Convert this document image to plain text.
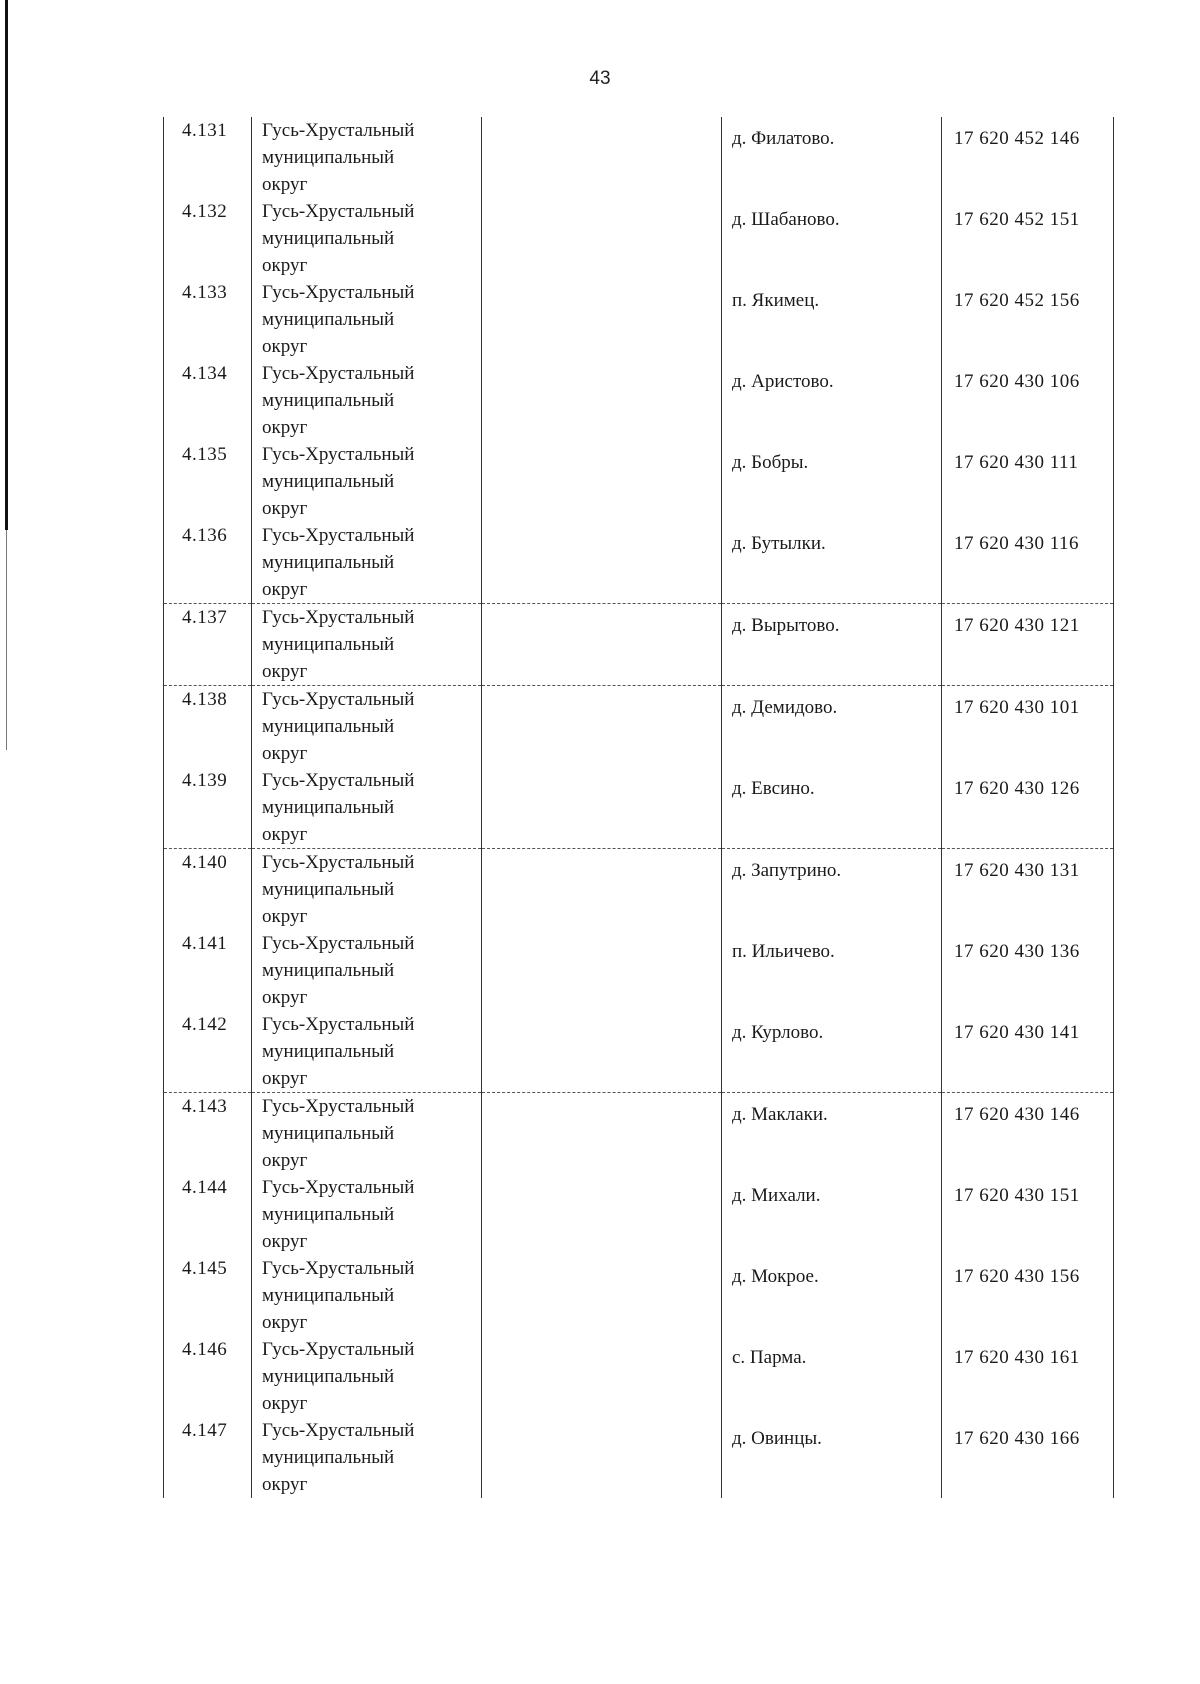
43
4.131	Гусь-Хрустальный
муниципальный
округ		д. Филатово.	17 620 452 146
4.132	Гусь-Хрустальный
муниципальный
округ		д. Шабаново.	17 620 452 151
4.133	Гусь-Хрустальный
муниципальный
округ		п. Якимец.	17 620 452 156
4.134	Гусь-Хрустальный
муниципальный
округ		д. Аристово.	17 620 430 106
4.135	Гусь-Хрустальный
муниципальный
округ		д. Бобры.	17 620 430 111
4.136	Гусь-Хрустальный
муниципальный
округ		д. Бутылки.	17 620 430 116
4.137	Гусь-Хрустальный
муниципальный
округ		д. Вырытово.	17 620 430 121
4.138	Гусь-Хрустальный
муниципальный
округ		д. Демидово.	17 620 430 101
4.139	Гусь-Хрустальный
муниципальный
округ		д. Евсино.	17 620 430 126
4.140	Гусь-Хрустальный
муниципальный
округ		д. Запутрино.	17 620 430 131
4.141	Гусь-Хрустальный
муниципальный
округ		п. Ильичево.	17 620 430 136
4.142	Гусь-Хрустальный
муниципальный
округ		д. Курлово.	17 620 430 141
4.143	Гусь-Хрустальный
муниципальный
округ		д. Маклаки.	17 620 430 146
4.144	Гусь-Хрустальный
муниципальный
округ		д. Михали.	17 620 430 151
4.145	Гусь-Хрустальный
муниципальный
округ		д. Мокрое.	17 620 430 156
4.146	Гусь-Хрустальный
муниципальный
округ		с. Парма.	17 620 430 161
4.147	Гусь-Хрустальный
муниципальный
округ		д. Овинцы.	17 620 430 166
